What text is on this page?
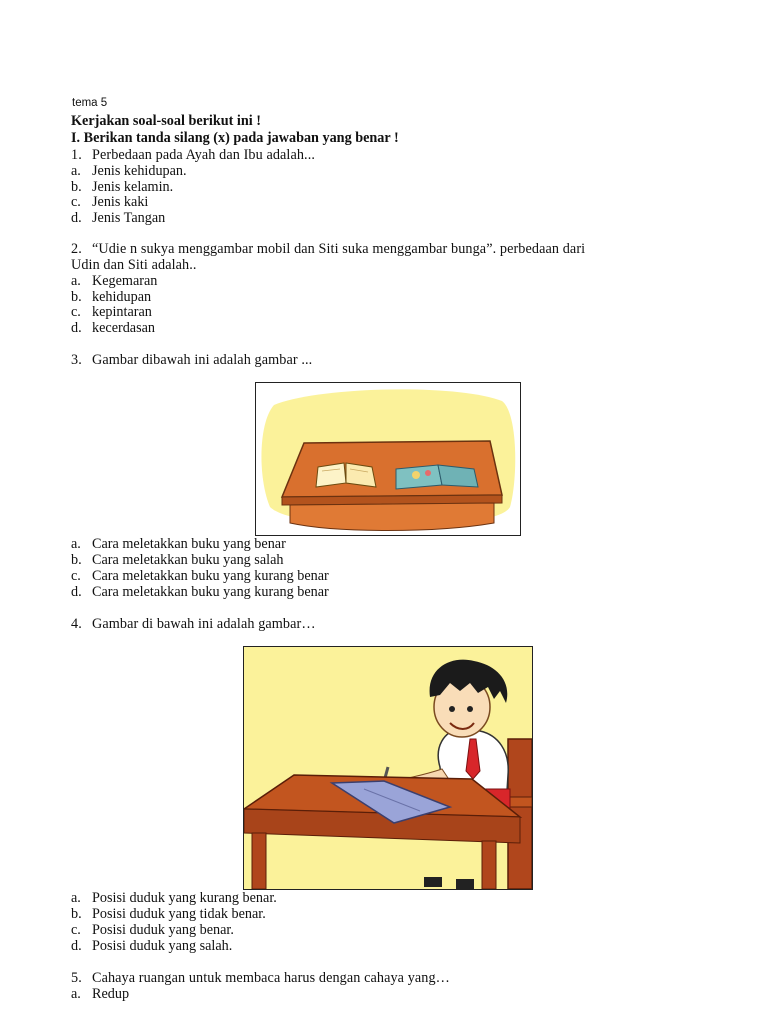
tema 5
Kerjakan soal-soal berikut ini !
I. Berikan tanda silang (x) pada jawaban yang benar !
1. Perbedaan pada Ayah dan Ibu adalah...
a. Jenis kehidupan.
b. Jenis kelamin.
c. Jenis kaki
d. Jenis Tangan
2. “Udie n sukya menggambar mobil dan Siti suka menggambar bunga”. perbedaan dari
Udin dan Siti adalah..
a. Kegemaran
b. kehidupan
c. kepintaran
d. kecerdasan
3. Gambar dibawah ini adalah gambar ...
a. Cara meletakkan buku yang benar
b. Cara meletakkan buku yang salah
c. Cara meletakkan buku yang kurang benar
d. Cara meletakkan buku yang kurang benar
4. Gambar di bawah ini adalah gambar…
a. Posisi duduk yang kurang benar.
b. Posisi duduk yang tidak benar.
c. Posisi duduk yang benar.
d. Posisi duduk yang salah.
5. Cahaya ruangan untuk membaca harus dengan cahaya yang…
a. Redup
